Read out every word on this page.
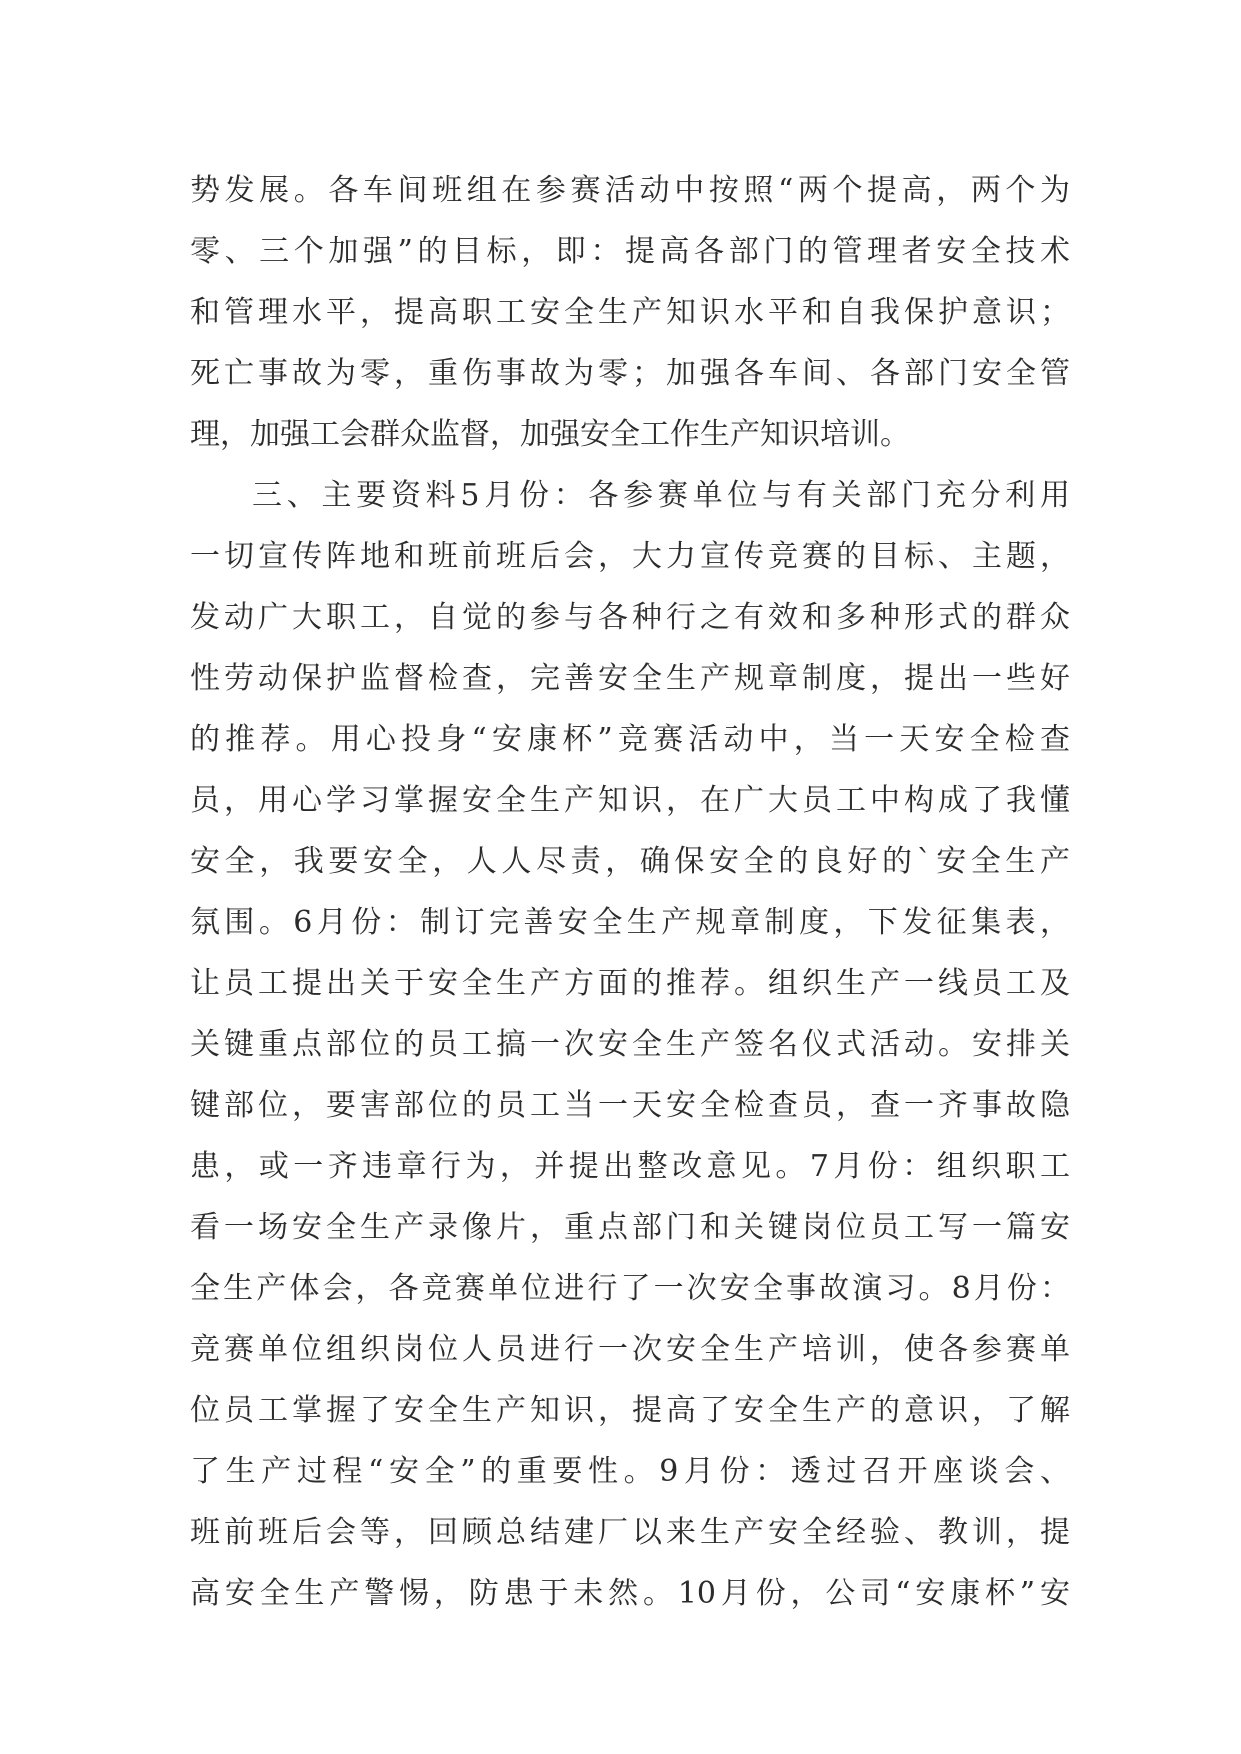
势发展。各车间班组在参赛活动中按照“两个提高，两个为
零、三个加强”的目标，即：提高各部门的管理者安全技术
和管理水平，提高职工安全生产知识水平和自我保护意识；
死亡事故为零，重伤事故为零；加强各车间、各部门安全管
理，加强工会群众监督，加强安全工作生产知识培训。
三、主要资料5月份：各参赛单位与有关部门充分利用
一切宣传阵地和班前班后会，大力宣传竞赛的目标、主题，
发动广大职工，自觉的参与各种行之有效和多种形式的群众
性劳动保护监督检查，完善安全生产规章制度，提出一些好
的推荐。用心投身“安康杯”竞赛活动中，当一天安全检查
员，用心学习掌握安全生产知识，在广大员工中构成了我懂
安全，我要安全，人人尽责，确保安全的良好的`安全生产
氛围。6月份：制订完善安全生产规章制度，下发征集表，
让员工提出关于安全生产方面的推荐。组织生产一线员工及
关键重点部位的员工搞一次安全生产签名仪式活动。安排关
键部位，要害部位的员工当一天安全检查员，查一齐事故隐
患，或一齐违章行为，并提出整改意见。7月份：组织职工
看一场安全生产录像片，重点部门和关键岗位员工写一篇安
全生产体会，各竞赛单位进行了一次安全事故演习。8月份：
竞赛单位组织岗位人员进行一次安全生产培训，使各参赛单
位员工掌握了安全生产知识，提高了安全生产的意识，了解
了生产过程“安全”的重要性。9月份：透过召开座谈会、
班前班后会等，回顾总结建厂以来生产安全经验、教训，提
高安全生产警惕，防患于未然。10月份，公司“安康杯”安
